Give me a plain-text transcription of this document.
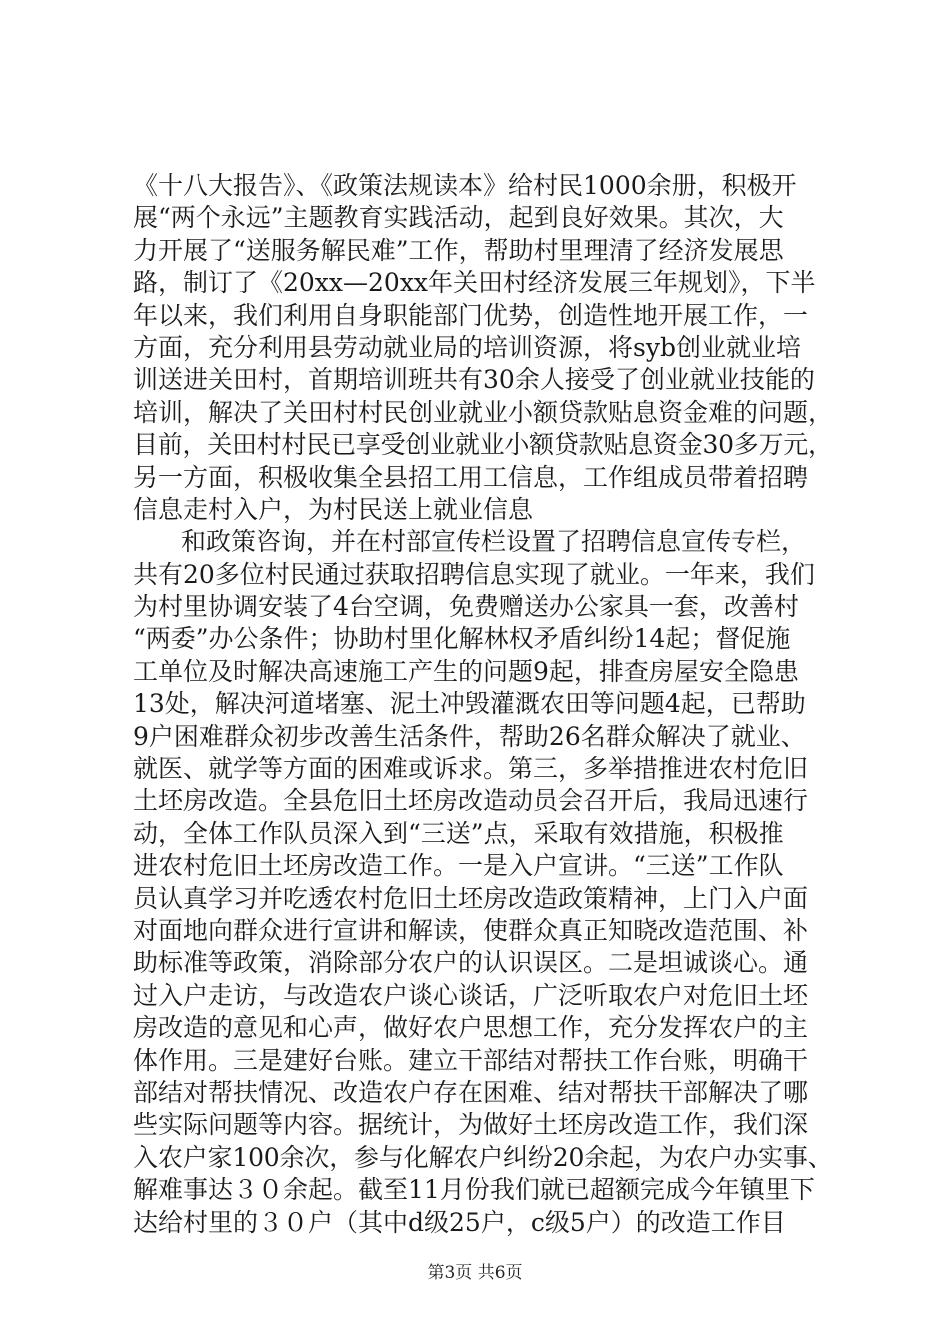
《十八大报告》、《政策法规读本》给村民1000余册，积极开
展“两个永远”主题教育实践活动，起到良好效果。其次，大
力开展了“送服务解民难”工作，帮助村里理清了经济发展思
路，制订了《20xx—20xx年关田村经济发展三年规划》，下半
年以来，我们利用自身职能部门优势，创造性地开展工作，一
方面，充分利用县劳动就业局的培训资源，将syb创业就业培
训送进关田村，首期培训班共有30余人接受了创业就业技能的
培训，解决了关田村村民创业就业小额贷款贴息资金难的问题，
目前，关田村村民已享受创业就业小额贷款贴息资金30多万元，
另一方面，积极收集全县招工用工信息，工作组成员带着招聘
信息走村入户，为村民送上就业信息
和政策咨询，并在村部宣传栏设置了招聘信息宣传专栏，
共有20多位村民通过获取招聘信息实现了就业。一年来，我们
为村里协调安装了4台空调，免费赠送办公家具一套，改善村
“两委”办公条件；协助村里化解林权矛盾纠纷14起；督促施
工单位及时解决高速施工产生的问题9起，排查房屋安全隐患
13处，解决河道堵塞、泥土冲毁灌溉农田等问题4起，已帮助
9户困难群众初步改善生活条件，帮助26名群众解决了就业、
就医、就学等方面的困难或诉求。第三，多举措推进农村危旧
土坯房改造。全县危旧土坯房改造动员会召开后，我局迅速行
动，全体工作队员深入到“三送”点，采取有效措施，积极推
进农村危旧土坯房改造工作。一是入户宣讲。“三送”工作队
员认真学习并吃透农村危旧土坯房改造政策精神，上门入户面
对面地向群众进行宣讲和解读，使群众真正知晓改造范围、补
助标准等政策，消除部分农户的认识误区。二是坦诚谈心。通
过入户走访，与改造农户谈心谈话，广泛听取农户对危旧土坯
房改造的意见和心声，做好农户思想工作，充分发挥农户的主
体作用。三是建好台账。建立干部结对帮扶工作台账，明确干
部结对帮扶情况、改造农户存在困难、结对帮扶干部解决了哪
些实际问题等内容。据统计，为做好土坯房改造工作，我们深
入农户家100余次，参与化解农户纠纷20余起，为农户办实事、
解难事达３０余起。截至11月份我们就已超额完成今年镇里下
达给村里的３０户（其中d级25户，c级5户）的改造工作目
第3页 共6页
